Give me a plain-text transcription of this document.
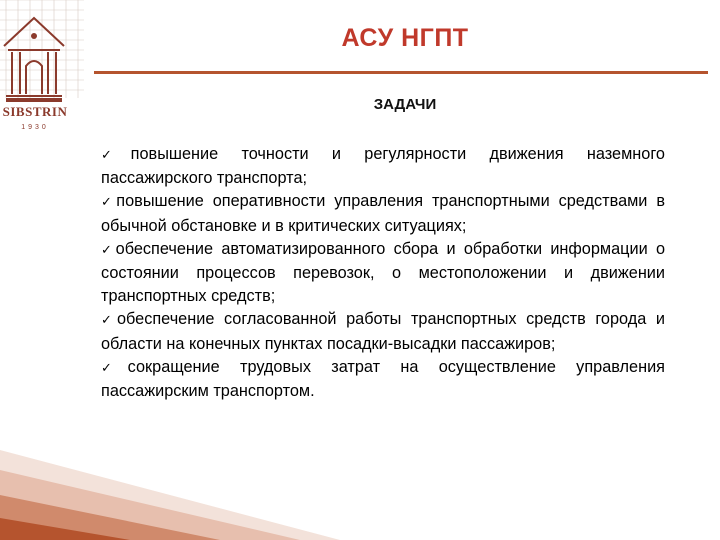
SIBSTRIN
1930
АСУ НГПТ
ЗАДАЧИ
✓повышение точности и регулярности движения наземного пассажирского транспорта;
✓повышение оперативности управления транспортными средствами в обычной обстановке и в критических ситуациях;
✓обеспечение автоматизированного сбора и обработки информации о состоянии процессов перевозок, о местоположении и движении транспортных средств;
✓обеспечение согласованной работы транспортных средств города и области на конечных пунктах посадки-высадки пассажиров;
✓сокращение трудовых затрат на осуществление управления пассажирским транспортом.
